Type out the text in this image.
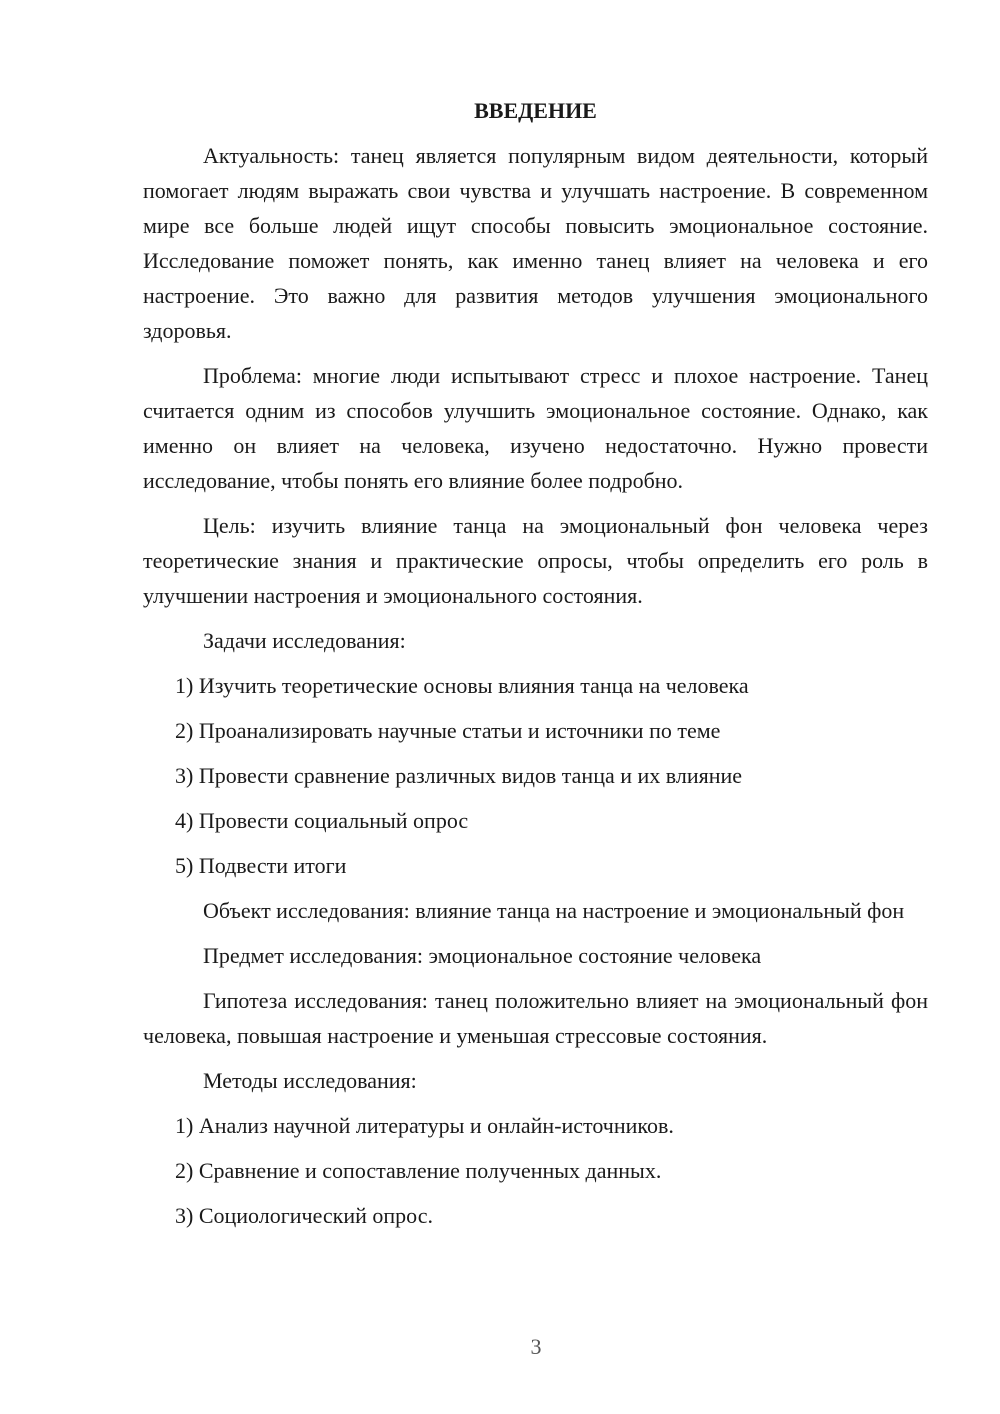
ВВЕДЕНИЕ

Актуальность: танец является популярным видом деятельности, который помогает людям выражать свои чувства и улучшать настроение. В современном мире все больше людей ищут способы повысить эмоциональное состояние. Исследование поможет понять, как именно танец влияет на человека и его настроение. Это важно для развития методов улучшения эмоционального здоровья.

Проблема: многие люди испытывают стресс и плохое настроение. Танец считается одним из способов улучшить эмоциональное состояние. Однако, как именно он влияет на человека, изучено недостаточно. Нужно провести исследование, чтобы понять его влияние более подробно.

Цель: изучить влияние танца на эмоциональный фон человека через теоретические знания и практические опросы, чтобы определить его роль в улучшении настроения и эмоционального состояния.

Задачи исследования:

1) Изучить теоретические основы влияния танца на человека
2) Проанализировать научные статьи и источники по теме
3) Провести сравнение различных видов танца и их влияние
4) Провести социальный опрос
5) Подвести итоги

Объект исследования: влияние танца на настроение и эмоциональный фон

Предмет исследования: эмоциональное состояние человека

Гипотеза исследования: танец положительно влияет на эмоциональный фон человека, повышая настроение и уменьшая стрессовые состояния.

Методы исследования:

1) Анализ научной литературы и онлайн-источников.
2) Сравнение и сопоставление полученных данных.
3) Социологический опрос.
3
